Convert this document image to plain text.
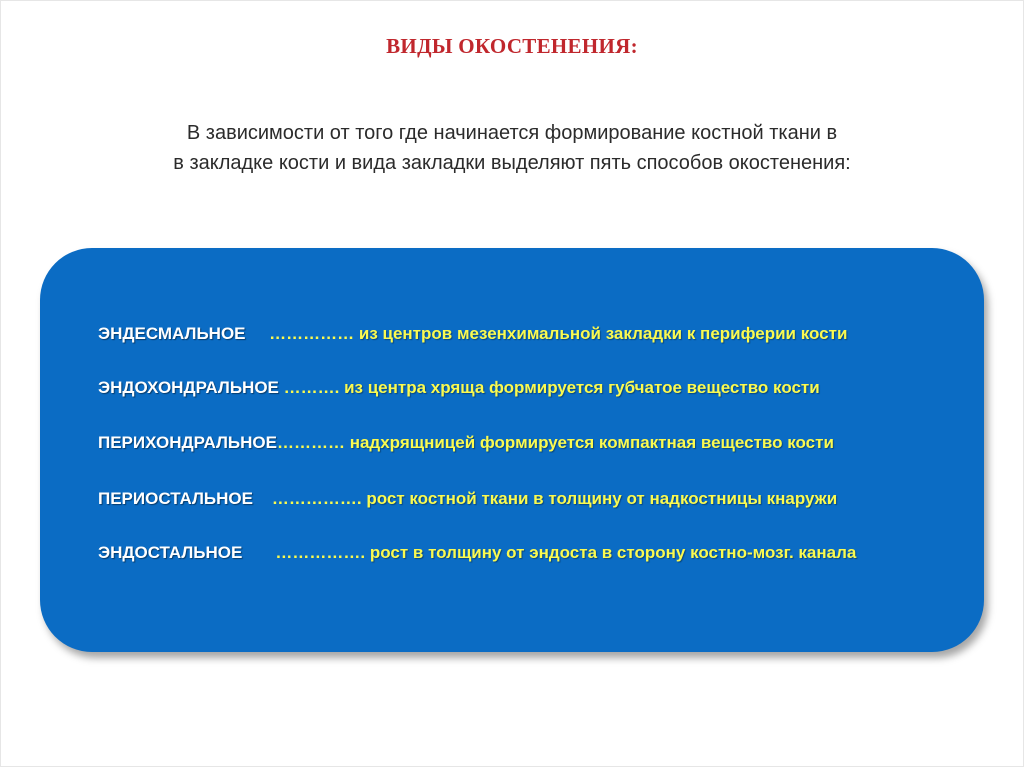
ВИДЫ ОКОСТЕНЕНИЯ:
В зависимости от того где начинается формирование костной ткани в
в закладке кости и вида закладки выделяют пять способов окостенения:
ЭНДЕСМАЛЬНОЕ …………… из центров мезенхимальной закладки к периферии кости
ЭНДОХОНДРАЛЬНОЕ ………. из центра хряща формируется губчатое вещество кости
ПЕРИХОНДРАЛЬНОЕ………… надхрящницей формируется компактная вещество кости
ПЕРИОСТАЛЬНОЕ ……………. рост костной ткани в толщину от надкостницы кнаружи
ЭНДОСТАЛЬНОЕ ……………. рост в толщину от эндоста в сторону костно-мозг. канала
